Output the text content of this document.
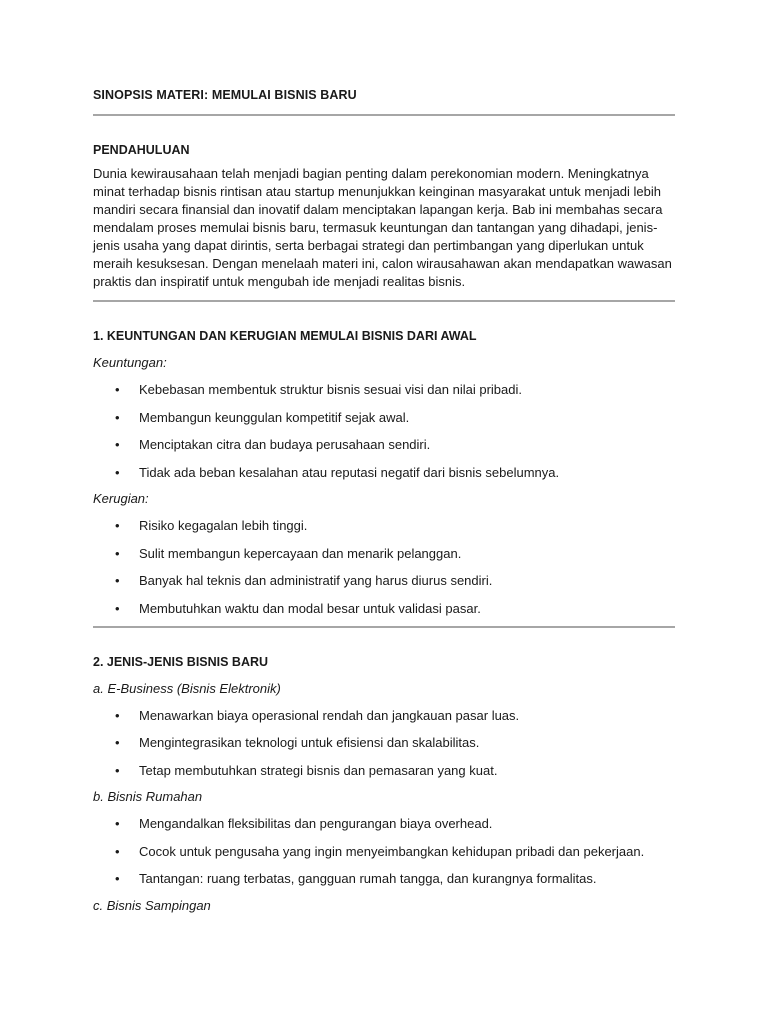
SINOPSIS MATERI: MEMULAI BISNIS BARU

PENDAHULUAN

Dunia kewirausahaan telah menjadi bagian penting dalam perekonomian modern. Meningkatnya minat terhadap bisnis rintisan atau startup menunjukkan keinginan masyarakat untuk menjadi lebih mandiri secara finansial dan inovatif dalam menciptakan lapangan kerja. Bab ini membahas secara mendalam proses memulai bisnis baru, termasuk keuntungan dan tantangan yang dihadapi, jenis-jenis usaha yang dapat dirintis, serta berbagai strategi dan pertimbangan yang diperlukan untuk meraih kesuksesan. Dengan menelaah materi ini, calon wirausahawan akan mendapatkan wawasan praktis dan inspiratif untuk mengubah ide menjadi realitas bisnis.

1. KEUNTUNGAN DAN KERUGIAN MEMULAI BISNIS DARI AWAL

Keuntungan:

• Kebebasan membentuk struktur bisnis sesuai visi dan nilai pribadi.
• Membangun keunggulan kompetitif sejak awal.
• Menciptakan citra dan budaya perusahaan sendiri.
• Tidak ada beban kesalahan atau reputasi negatif dari bisnis sebelumnya.

Kerugian:

• Risiko kegagalan lebih tinggi.
• Sulit membangun kepercayaan dan menarik pelanggan.
• Banyak hal teknis dan administratif yang harus diurus sendiri.
• Membutuhkan waktu dan modal besar untuk validasi pasar.

2. JENIS-JENIS BISNIS BARU

a. E-Business (Bisnis Elektronik)

• Menawarkan biaya operasional rendah dan jangkauan pasar luas.
• Mengintegrasikan teknologi untuk efisiensi dan skalabilitas.
• Tetap membutuhkan strategi bisnis dan pemasaran yang kuat.

b. Bisnis Rumahan

• Mengandalkan fleksibilitas dan pengurangan biaya overhead.
• Cocok untuk pengusaha yang ingin menyeimbangkan kehidupan pribadi dan pekerjaan.
• Tantangan: ruang terbatas, gangguan rumah tangga, dan kurangnya formalitas.

c. Bisnis Sampingan
